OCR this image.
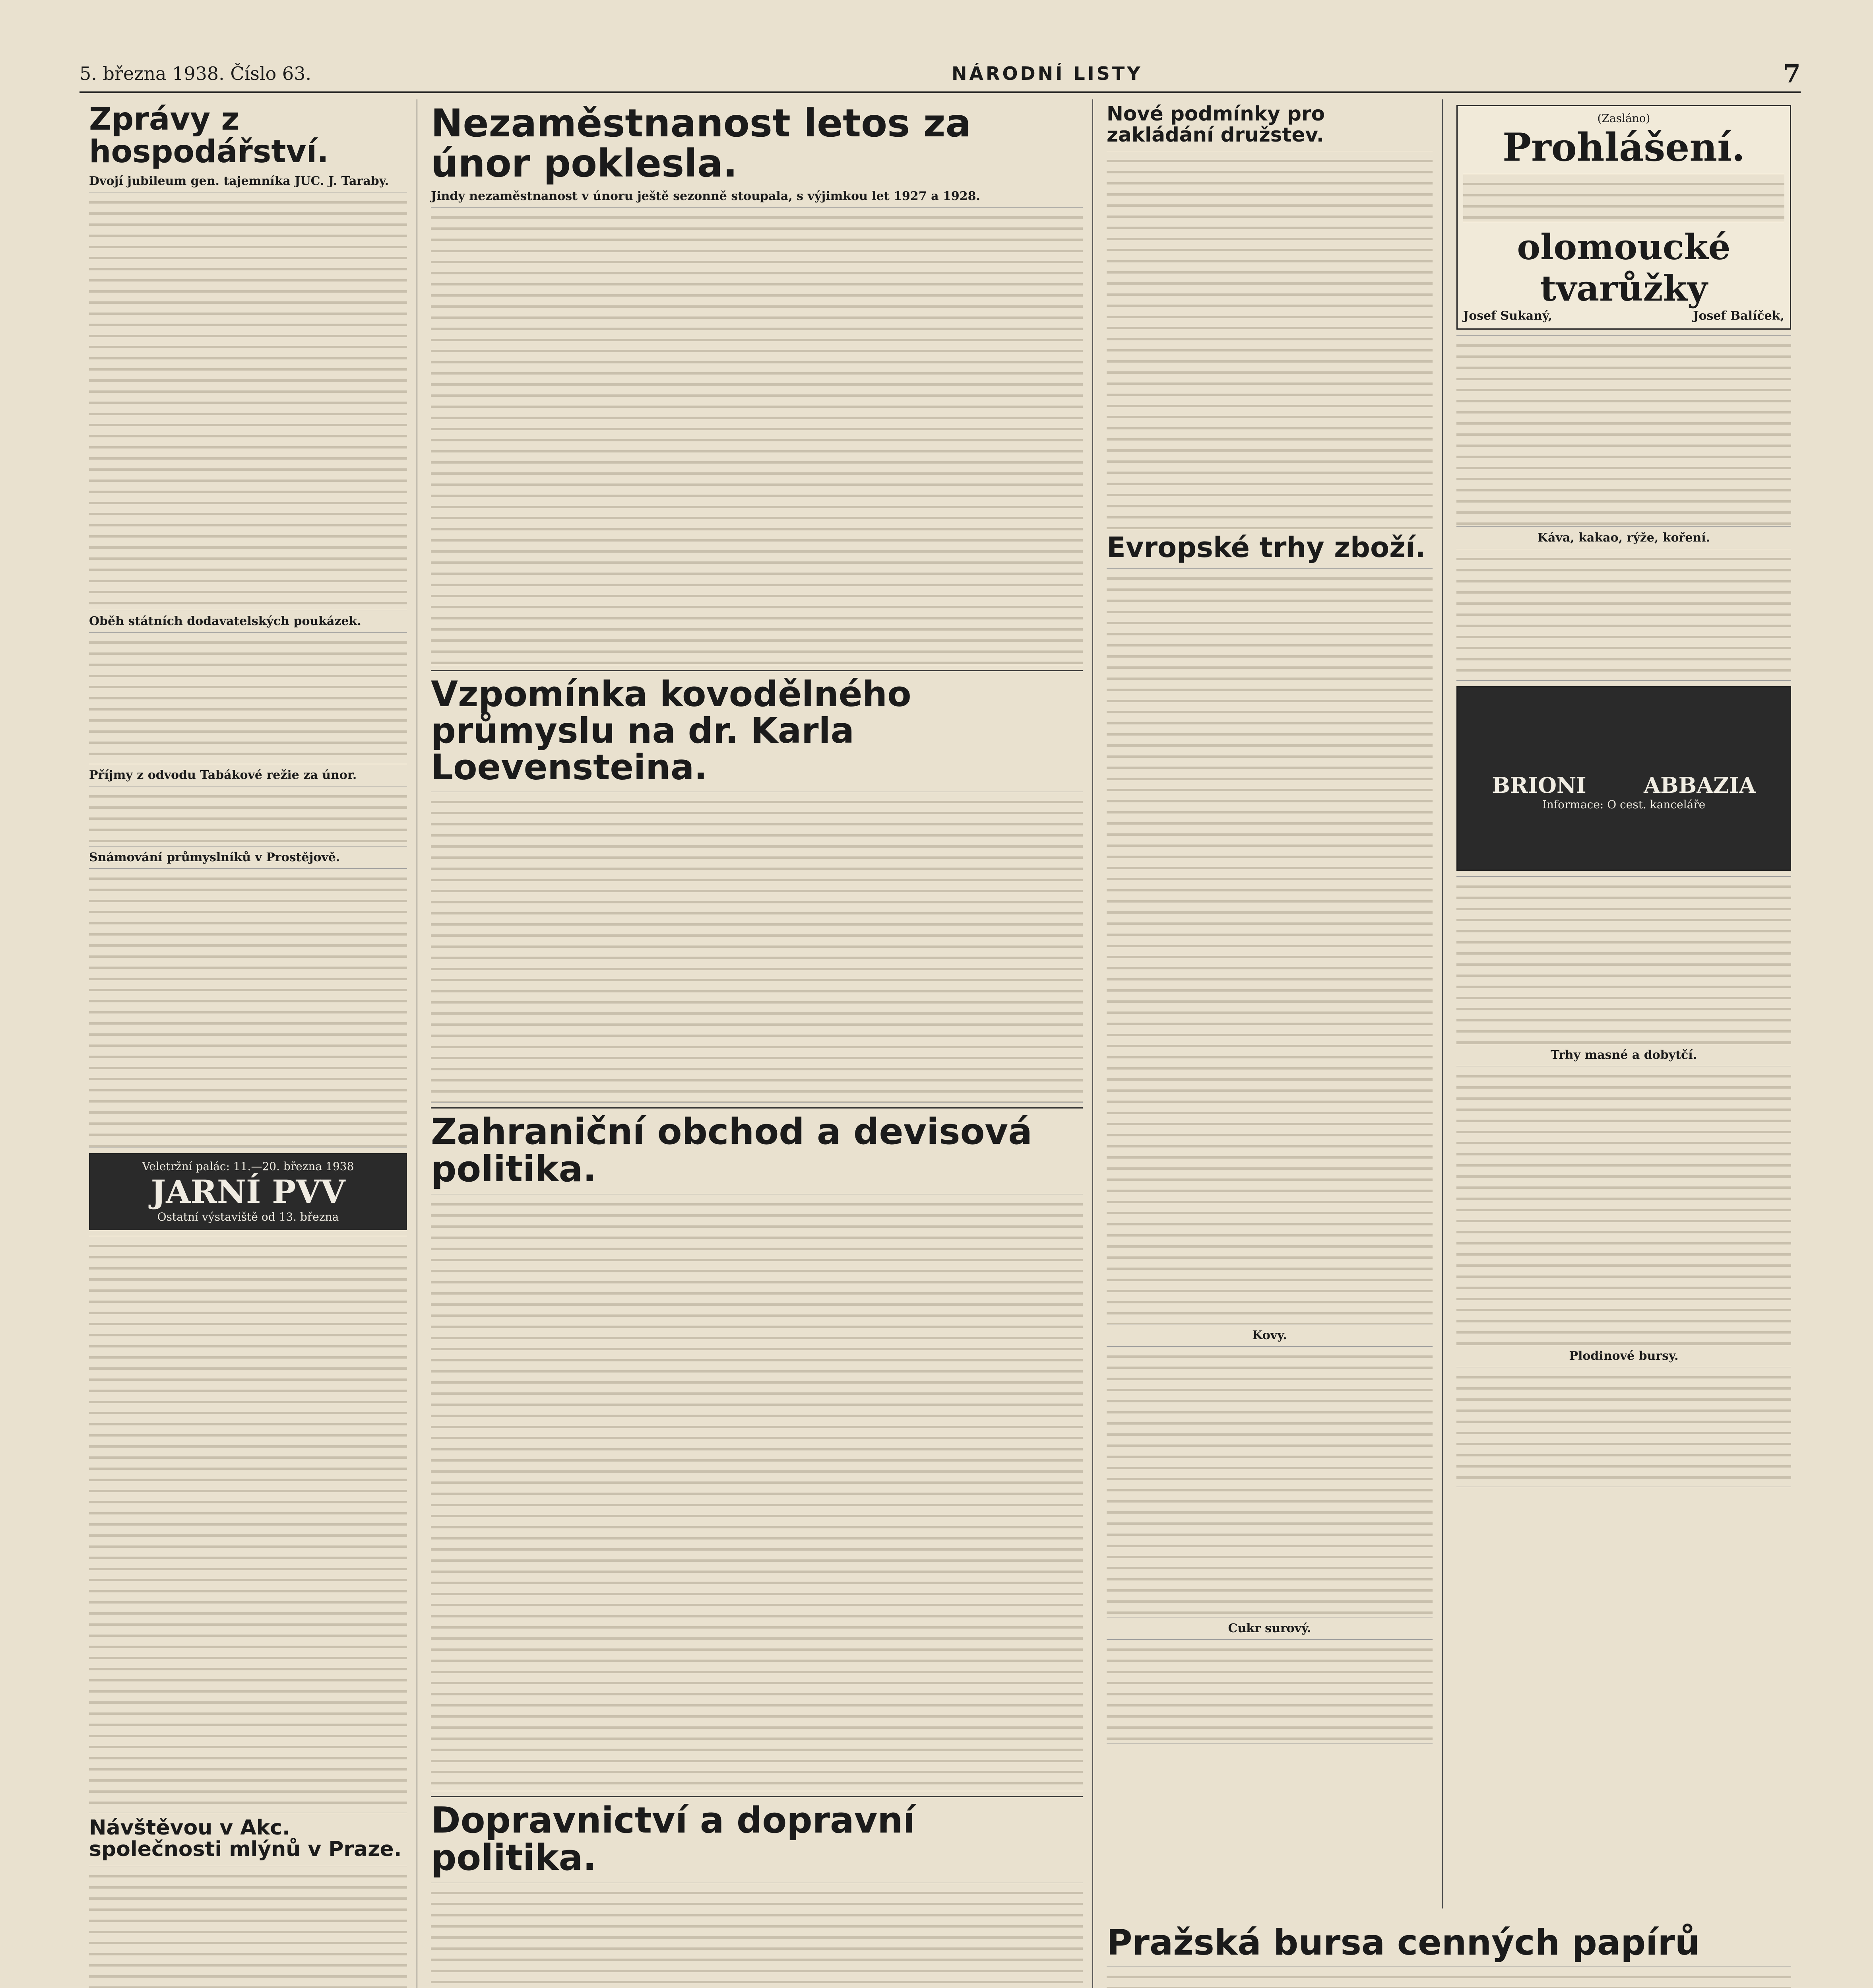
5. března 1938. Číslo 63.	NÁRODNÍ LISTY	7
Zprávy z hospodářství.
Dvojí jubileum gen. tajemníka JUC. J. Taraby.
Oběh státních dodavatelských poukázek.
Příjmy z odvodu Tabákové režie za únor.
Snámování průmyslníků v Prostějově.
Veletržní palác: 11.—20. března 1938
JARNÍ PVV
Ostatní výstaviště od 13. března
Návštěvou v Akc. společnosti mlýnů v Praze.
Nezaměstnanost letos za únor poklesla.
Jindy nezaměstnanost v únoru ještě sezonně stoupala, s výjimkou let 1927 a 1928.
Vzpomínka kovodělného průmyslu na dr. Karla Loevensteina.
Zahraniční obchod a devisová politika.
Dopravnictví a dopravní politika.
Nové podmínky pro zakládání družstev.
Evropské trhy zboží.
Kovy.
Cukr surový.
(Zasláno)
Prohlášení.
olomoucké tvarůžky
Josef Sukaný,	Josef Balíček,
Káva, kakao, rýže, koření.
BRIONI	ABBAZIA
Informace: O cest. kanceláře
Trhy masné a dobytčí.
Plodinové bursy.
Pražská bursa cenných papírů
